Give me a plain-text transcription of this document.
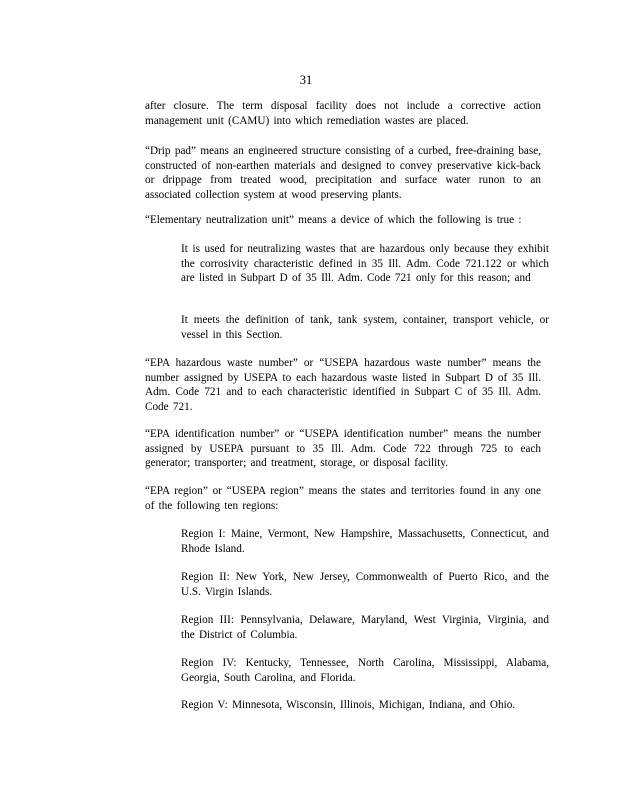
31
after closure. The term disposal facility does not include a corrective action management unit (CAMU) into which remediation wastes are placed.
“Drip pad” means an engineered structure consisting of a curbed, free-draining base, constructed of non-earthen materials and designed to convey preservative kick-back or drippage from treated wood, precipitation and surface water runon to an associated collection system at wood preserving plants.
“Elementary neutralization unit” means a device of which the following is true :
It is used for neutralizing wastes that are hazardous only because they exhibit the corrosivity characteristic defined in 35 Ill. Adm. Code 721.122 or which are listed in Subpart D of 35 Ill. Adm. Code 721 only for this reason; and
It meets the definition of tank, tank system, container, transport vehicle, or vessel in this Section.
“EPA hazardous waste number” or “USEPA hazardous waste number” means the number assigned by USEPA to each hazardous waste listed in Subpart D of 35 Ill. Adm. Code 721 and to each characteristic identified in Subpart C of 35 Ill. Adm. Code 721.
“EPA identification number” or “USEPA identification number” means the number assigned by USEPA pursuant to 35 Ill. Adm. Code 722 through 725 to each generator; transporter; and treatment, storage, or disposal facility.
“EPA region” or “USEPA region” means the states and territories found in any one of the following ten regions:
Region I: Maine, Vermont, New Hampshire, Massachusetts, Connecticut, and Rhode Island.
Region II: New York, New Jersey, Commonwealth of Puerto Rico, and the U.S. Virgin Islands.
Region III: Pennsylvania, Delaware, Maryland, West Virginia, Virginia, and the District of Columbia.
Region IV: Kentucky, Tennessee, North Carolina, Mississippi, Alabama, Georgia, South Carolina, and Florida.
Region V: Minnesota, Wisconsin, Illinois, Michigan, Indiana, and Ohio.
